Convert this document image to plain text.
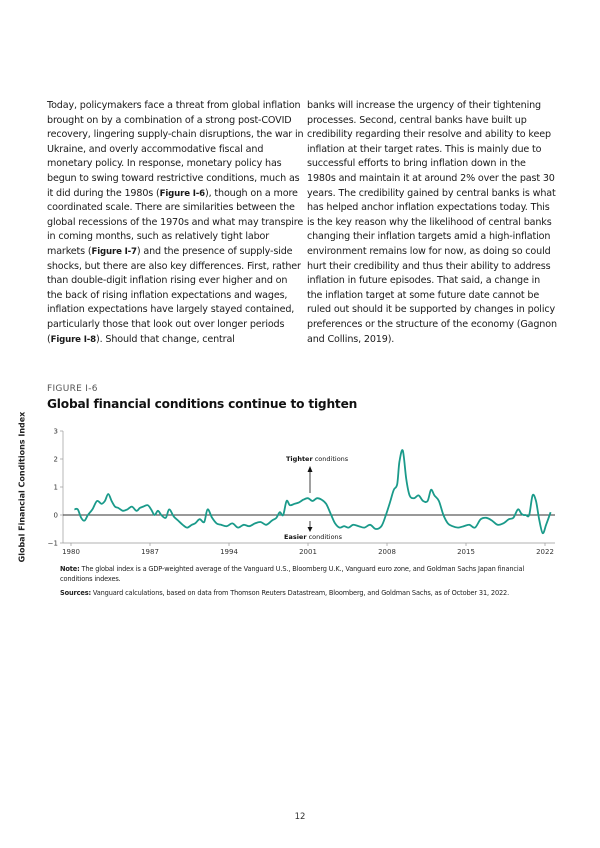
Today, policymakers face a threat from global inflation brought on by a combination of a strong post-COVID recovery, lingering supply-chain disruptions, the war in Ukraine, and overly accommodative fiscal and monetary policy. In response, monetary policy has begun to swing toward restrictive conditions, much as it did during the 1980s (Figure I-6), though on a more coordinated scale. There are similarities between the global recessions of the 1970s and what may transpire in coming months, such as relatively tight labor markets (Figure I-7) and the presence of supply-side shocks, but there are also key differences. First, rather than double-digit inflation rising ever higher and on the back of rising inflation expectations and wages, inflation expectations have largely stayed contained, particularly those that look out over longer periods (Figure I-8). Should that change, central

banks will increase the urgency of their tightening processes. Second, central banks have built up credibility regarding their resolve and ability to keep inflation at their target rates. This is mainly due to successful efforts to bring inflation down in the 1980s and maintain it at around 2% over the past 30 years. The credibility gained by central banks is what has helped anchor inflation expectations today. This is the key reason why the likelihood of central banks changing their inflation targets amid a high-inflation environment remains low for now, as doing so could hurt their credibility and thus their ability to address inflation in future episodes. That said, a change in the inflation target at some future date cannot be ruled out should it be supported by changes in policy preferences or the structure of the economy (Gagnon and Collins, 2019).

FIGURE I-6
Global financial conditions continue to tighten
3
2
1
0
−1
1980	1987	1994	2001	2008	2015	2022
Tighter conditions
Easier conditions
Global Financial Conditions Index

Note: The global index is a GDP-weighted average of the Vanguard U.S., Bloomberg U.K., Vanguard euro zone, and Goldman Sachs Japan financial conditions indexes.

Sources: Vanguard calculations, based on data from Thomson Reuters Datastream, Bloomberg, and Goldman Sachs, as of October 31, 2022.

12
